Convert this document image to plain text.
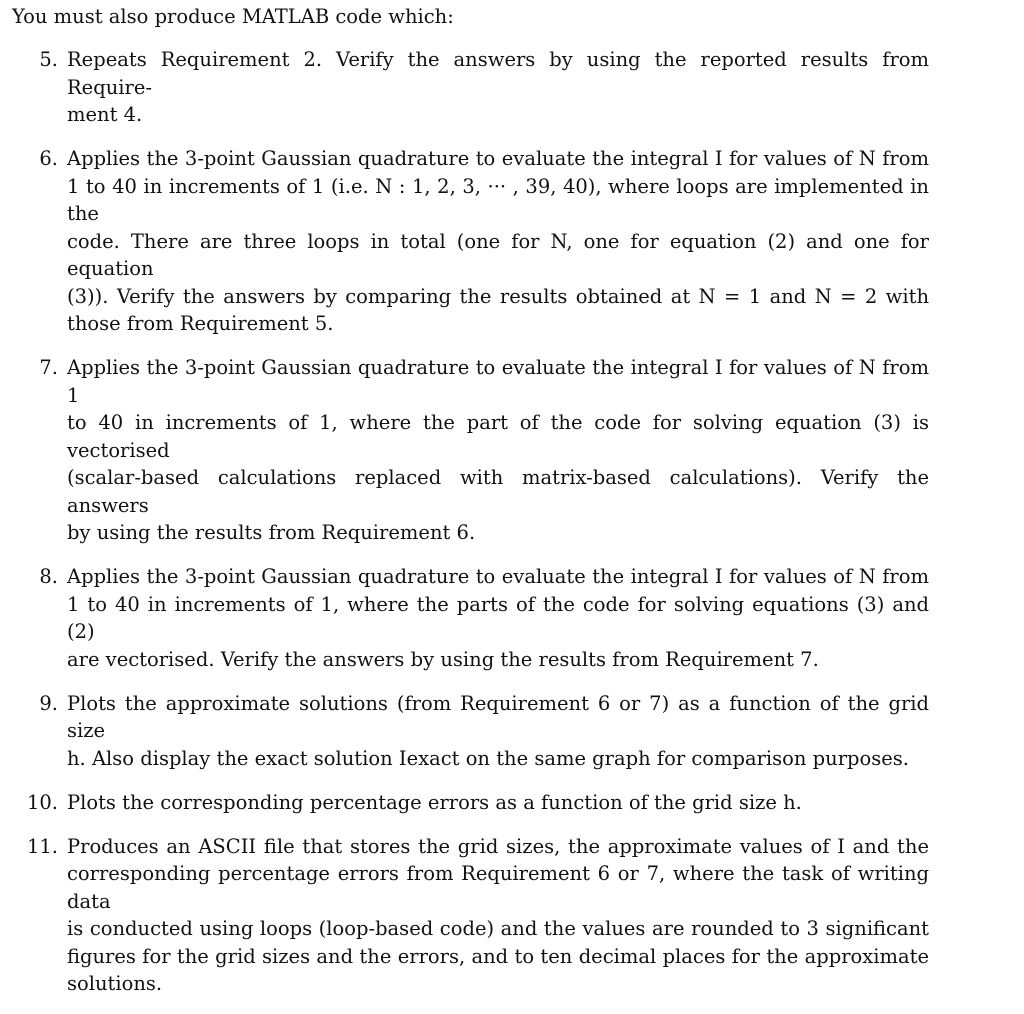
You must also produce MATLAB code which:
5. Repeats Requirement 2. Verify the answers by using the reported results from Require-
ment 4.
6. Applies the 3-point Gaussian quadrature to evaluate the integral I for values of N from
1 to 40 in increments of 1 (i.e. N : 1, 2, 3, ··· , 39, 40), where loops are implemented in the
code. There are three loops in total (one for N, one for equation (2) and one for equation
(3)). Verify the answers by comparing the results obtained at N = 1 and N = 2 with
those from Requirement 5.
7. Applies the 3-point Gaussian quadrature to evaluate the integral I for values of N from 1
to 40 in increments of 1, where the part of the code for solving equation (3) is vectorised
(scalar-based calculations replaced with matrix-based calculations). Verify the answers
by using the results from Requirement 6.
8. Applies the 3-point Gaussian quadrature to evaluate the integral I for values of N from
1 to 40 in increments of 1, where the parts of the code for solving equations (3) and (2)
are vectorised. Verify the answers by using the results from Requirement 7.
9. Plots the approximate solutions (from Requirement 6 or 7) as a function of the grid size
h. Also display the exact solution Iexact on the same graph for comparison purposes.
10. Plots the corresponding percentage errors as a function of the grid size h.
11. Produces an ASCII file that stores the grid sizes, the approximate values of I and the
corresponding percentage errors from Requirement 6 or 7, where the task of writing data
is conducted using loops (loop-based code) and the values are rounded to 3 significant
figures for the grid sizes and the errors, and to ten decimal places for the approximate
solutions.
